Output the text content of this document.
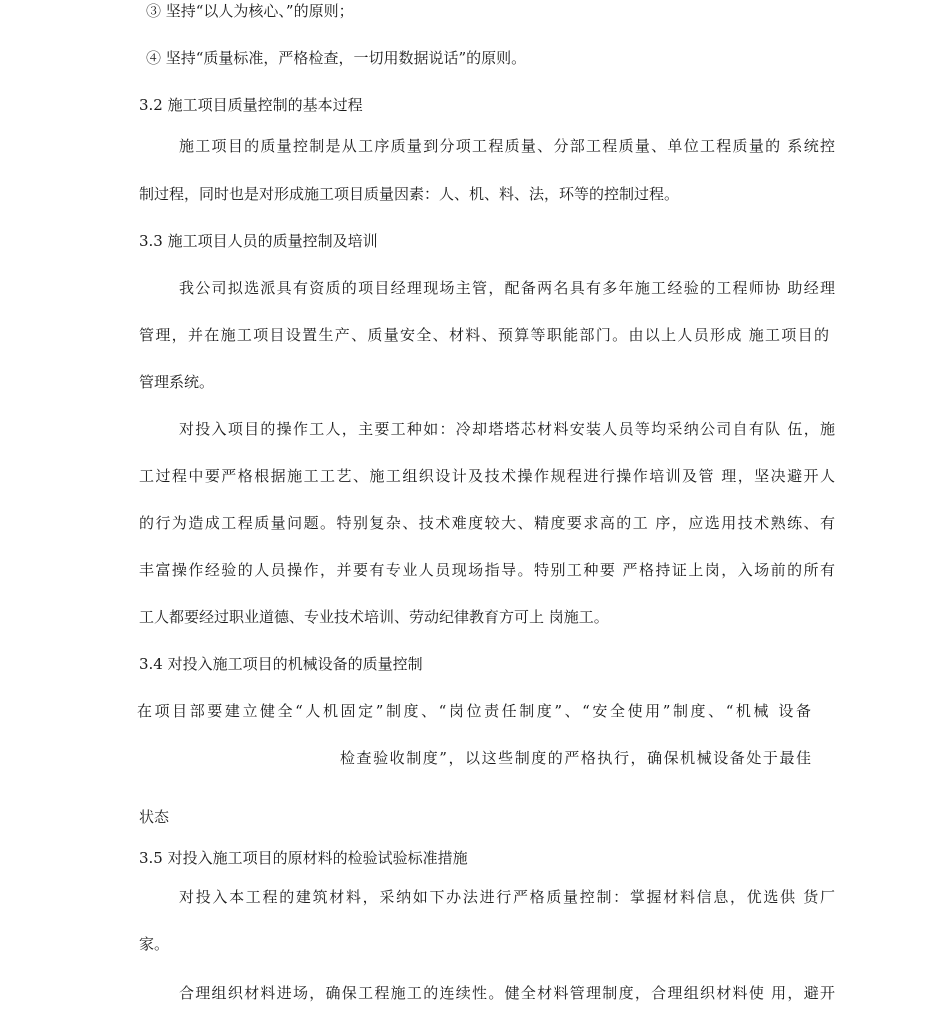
③ 坚持“以人为核心、”的原则；
④ 坚持“质量标准，严格检查，一切用数据说话”的原则。
3.2 施工项目质量控制的基本过程
施工项目的质量控制是从工序质量到分项工程质量、分部工程质量、单位工程质量的 系统控
制过程，同时也是对形成施工项目质量因素：人、机、料、法，环等的控制过程。
3.3 施工项目人员的质量控制及培训
我公司拟选派具有资质的项目经理现场主管，配备两名具有多年施工经验的工程师协 助经理
管理，并在施工项目设置生产、质量安全、材料、预算等职能部门。由以上人员形成 施工项目的
管理系统。
对投入项目的操作工人，主要工种如：冷却塔塔芯材料安装人员等均采纳公司自有队 伍，施
工过程中要严格根据施工工艺、施工组织设计及技术操作规程进行操作培训及管 理，坚决避开人
的行为造成工程质量问题。特别复杂、技术难度较大、精度要求高的工 序，应选用技术熟练、有
丰富操作经验的人员操作，并要有专业人员现场指导。特别工种要 严格持证上岗，入场前的所有
工人都要经过职业道德、专业技术培训、劳动纪律教育方可上 岗施工。
3.4 对投入施工项目的机械设备的质量控制
在项目部要建立健全“人机固定”制度、“岗位责任制度”、“安全使用”制度、“机械 设备
检查验收制度”，以这些制度的严格执行，确保机械设备处于最佳
状态
3.5 对投入施工项目的原材料的检验试验标准措施
对投入本工程的建筑材料，采纳如下办法进行严格质量控制：掌握材料信息，优选供 货厂
家。
合理组织材料进场，确保工程施工的连续性。健全材料管理制度，合理组织材料使 用，避开
